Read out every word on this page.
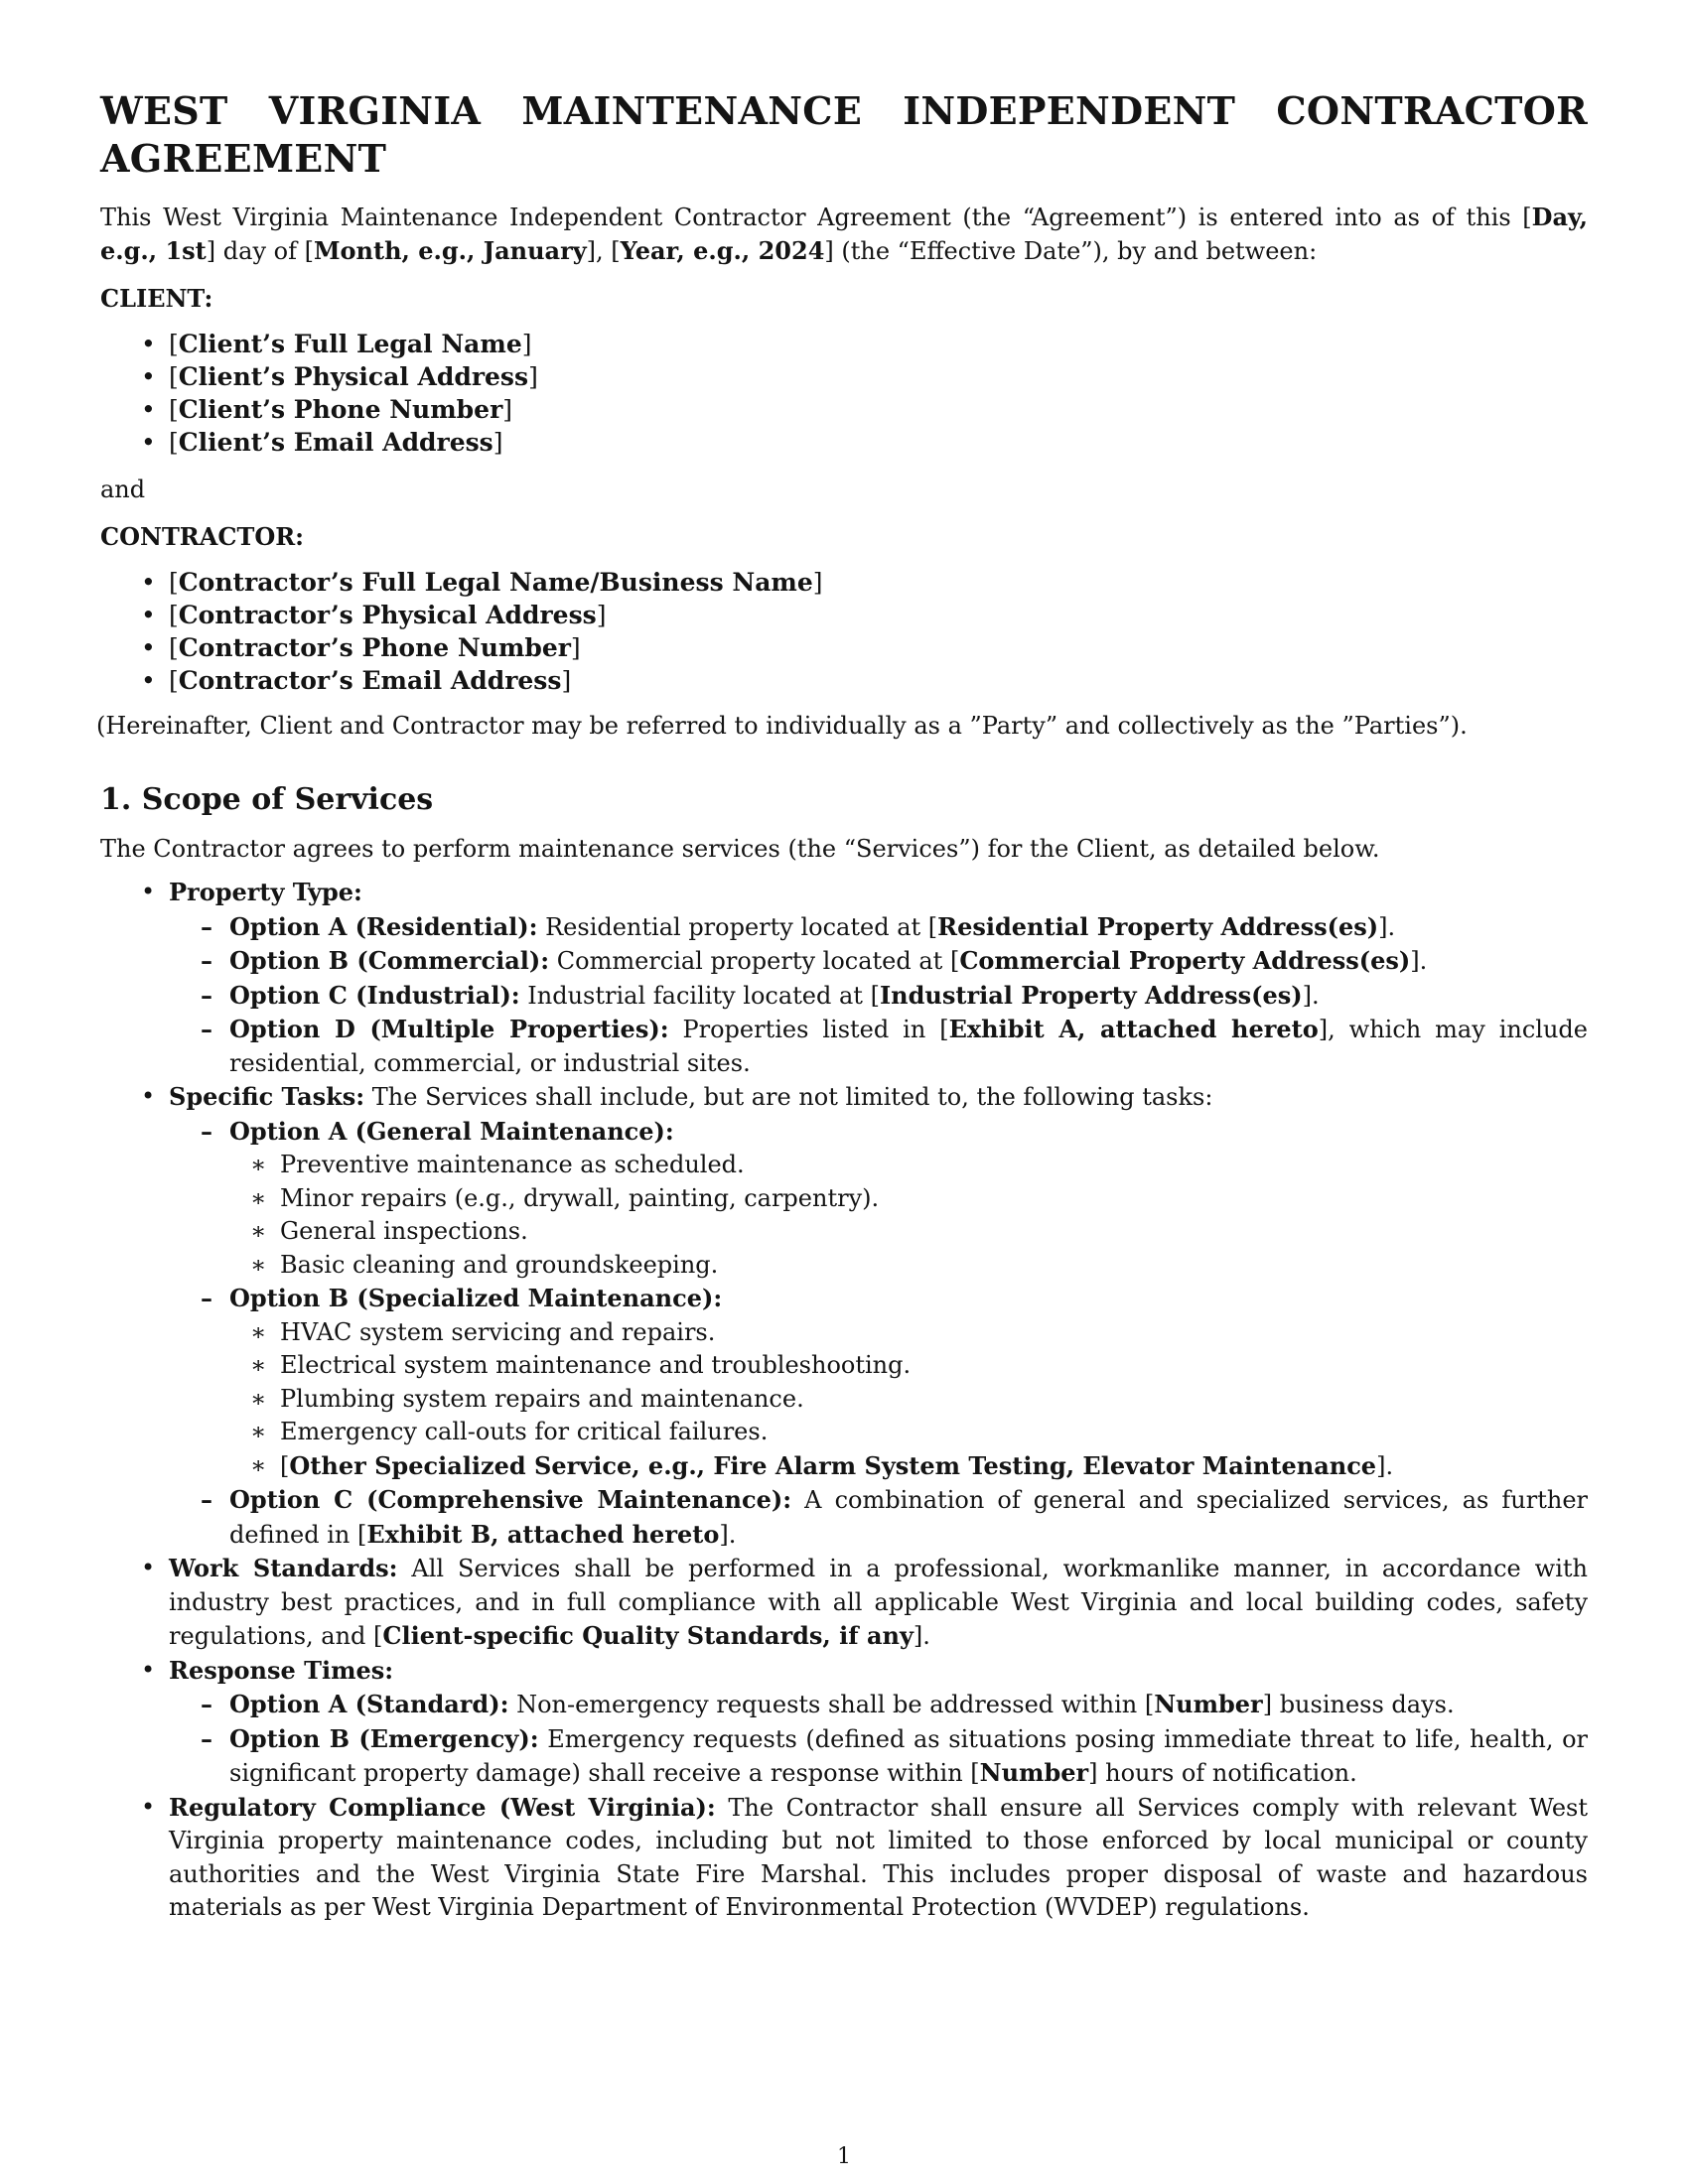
WEST VIRGINIA MAINTENANCE INDEPENDENT CONTRACTOR AGREEMENT

This West Virginia Maintenance Independent Contractor Agreement (the “Agreement”) is entered into as of this [Day, e.g., 1st] day of [Month, e.g., January], [Year, e.g., 2024] (the “Effective Date”), by and between:

CLIENT:

• [Client’s Full Legal Name]
• [Client’s Physical Address]
• [Client’s Phone Number]
• [Client’s Email Address]

and

CONTRACTOR:

• [Contractor’s Full Legal Name/Business Name]
• [Contractor’s Physical Address]
• [Contractor’s Phone Number]
• [Contractor’s Email Address]

(Hereinafter, Client and Contractor may be referred to individually as a ”Party” and collectively as the ”Parties”).

1. Scope of Services

The Contractor agrees to perform maintenance services (the “Services”) for the Client, as detailed below.

• Property Type:
– Option A (Residential): Residential property located at [Residential Property Address(es)].
– Option B (Commercial): Commercial property located at [Commercial Property Address(es)].
– Option C (Industrial): Industrial facility located at [Industrial Property Address(es)].
– Option D (Multiple Properties): Properties listed in [Exhibit A, attached hereto], which may include residential, commercial, or industrial sites.
• Specific Tasks: The Services shall include, but are not limited to, the following tasks:
– Option A (General Maintenance):
∗ Preventive maintenance as scheduled.
∗ Minor repairs (e.g., drywall, painting, carpentry).
∗ General inspections.
∗ Basic cleaning and groundskeeping.
– Option B (Specialized Maintenance):
∗ HVAC system servicing and repairs.
∗ Electrical system maintenance and troubleshooting.
∗ Plumbing system repairs and maintenance.
∗ Emergency call-outs for critical failures.
∗ [Other Specialized Service, e.g., Fire Alarm System Testing, Elevator Maintenance].
– Option C (Comprehensive Maintenance): A combination of general and specialized services, as further defined in [Exhibit B, attached hereto].
• Work Standards: All Services shall be performed in a professional, workmanlike manner, in accordance with industry best practices, and in full compliance with all applicable West Virginia and local building codes, safety regulations, and [Client-specific Quality Standards, if any].
• Response Times:
– Option A (Standard): Non-emergency requests shall be addressed within [Number] business days.
– Option B (Emergency): Emergency requests (defined as situations posing immediate threat to life, health, or significant property damage) shall receive a response within [Number] hours of notification.
• Regulatory Compliance (West Virginia): The Contractor shall ensure all Services comply with relevant West Virginia property maintenance codes, including but not limited to those enforced by local municipal or county authorities and the West Virginia State Fire Marshal. This includes proper disposal of waste and hazardous materials as per West Virginia Department of Environmental Protection (WVDEP) regulations.
1
